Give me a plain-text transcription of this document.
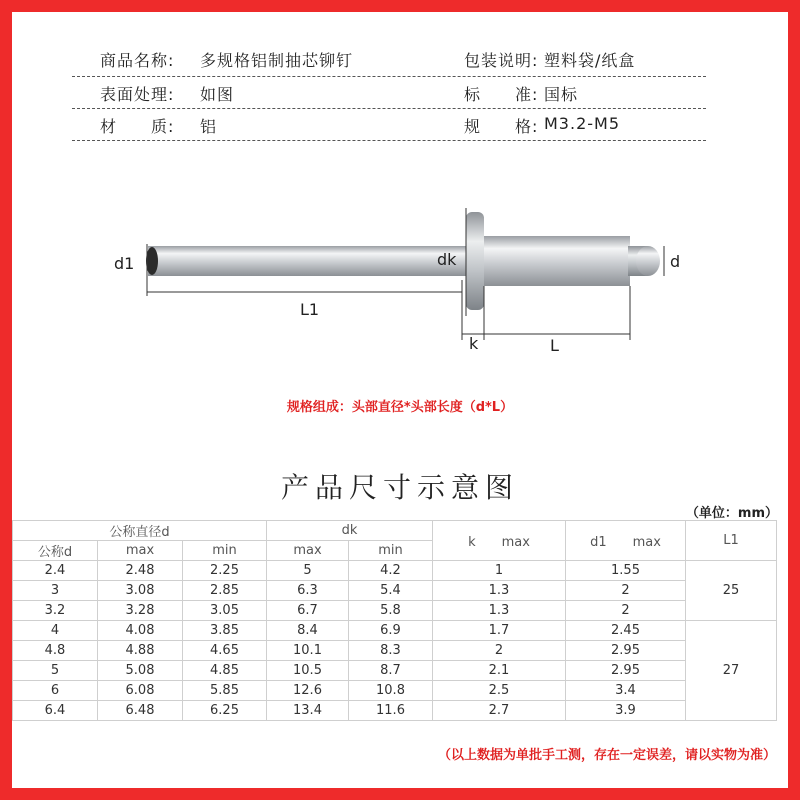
商品名称: 多规格铝制抽芯铆钉	包装说明: 塑料袋/纸盒
表面处理: 如图	标　　准: 国标
材　　质: 铝	规　　格: M3.2-M5
d1
L1
dk	d
k	L
规格组成：头部直径*头部长度（d*L）
产品尺寸示意图
（单位：mm）
公称直径d			dk		k　　max	d1　　max	L1
公称d	max	min	max	min			
2.4	2.48	2.25	5	4.2	1	1.55	25
3	3.08	2.85	6.3	5.4	1.3	2	
3.2	3.28	3.05	6.7	5.8	1.3	2	
4	4.08	3.85	8.4	6.9	1.7	2.45	27
4.8	4.88	4.65	10.1	8.3	2	2.95	
5	5.08	4.85	10.5	8.7	2.1	2.95	
6	6.08	5.85	12.6	10.8	2.5	3.4	
6.4	6.48	6.25	13.4	11.6	2.7	3.9	
（以上数据为单批手工测，存在一定误差，请以实物为准）
